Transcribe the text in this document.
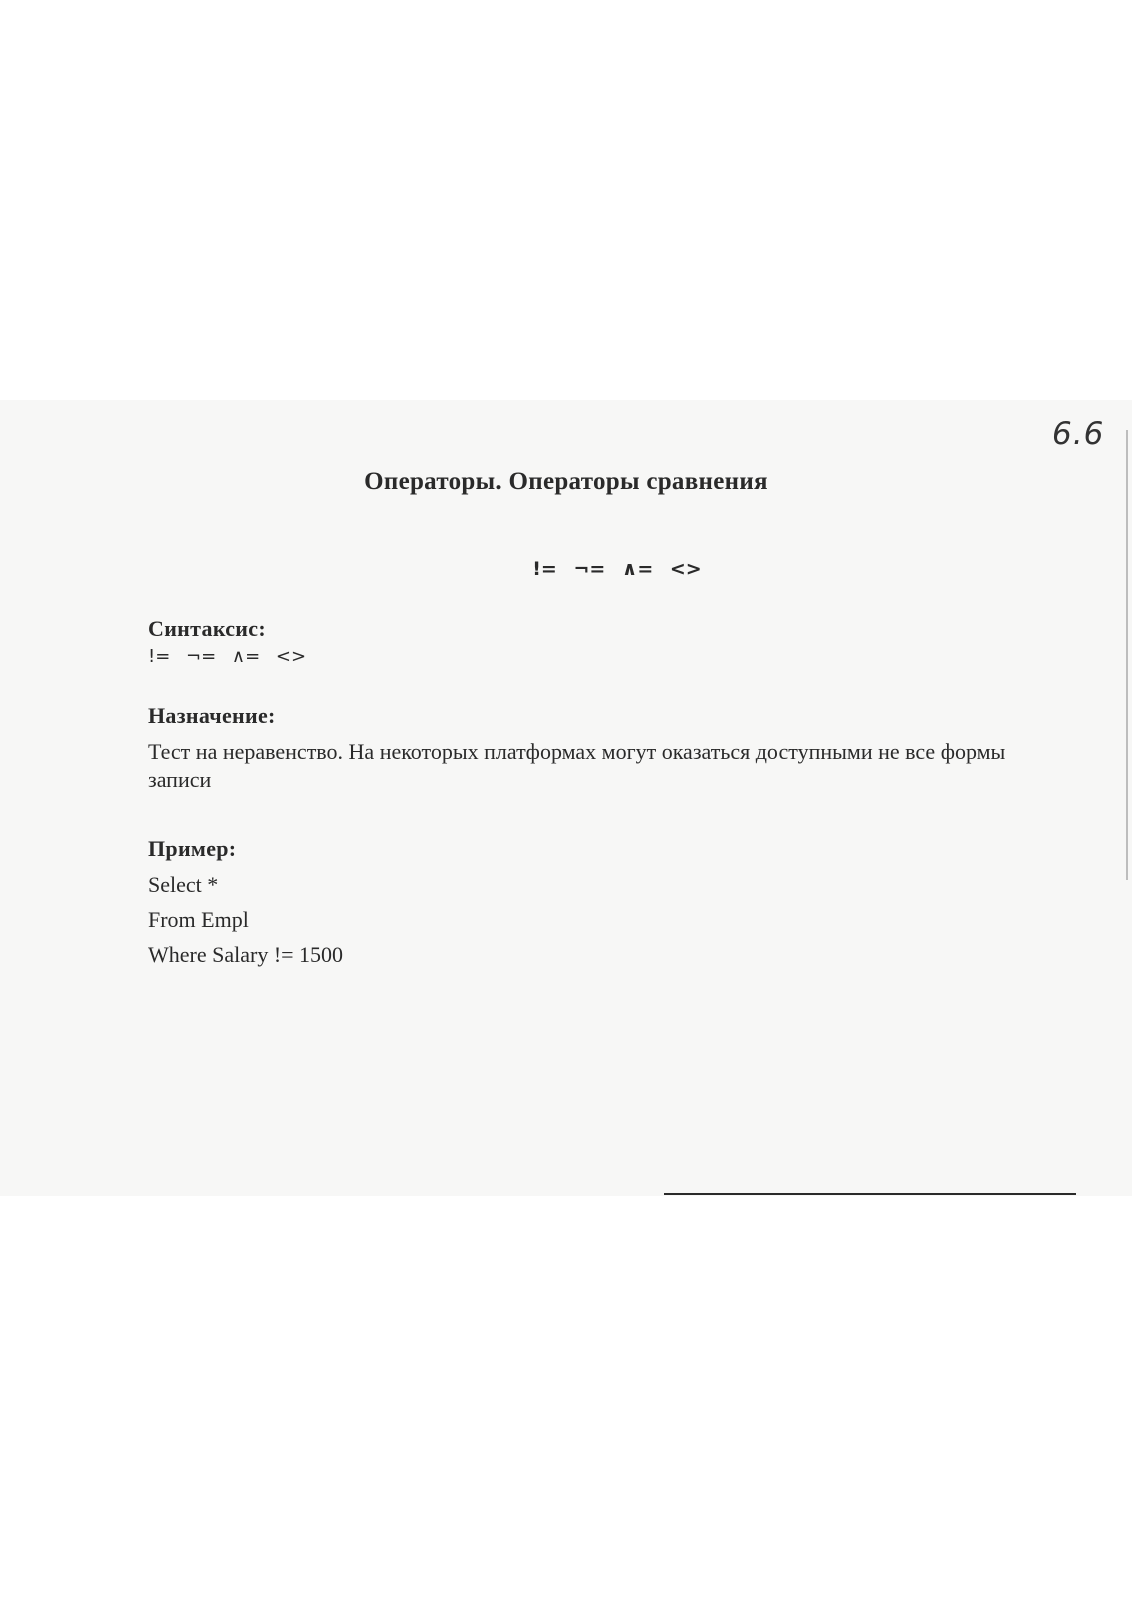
6.6
Операторы. Операторы сравнения
!= ¬= ∧= <>
Синтаксис:
!= ¬= ∧= <>
Назначение:
Тест на неравенство. На некоторых платформах могут оказаться доступными не все формы записи
Пример:
Select *
From Empl
Where Salary != 1500
